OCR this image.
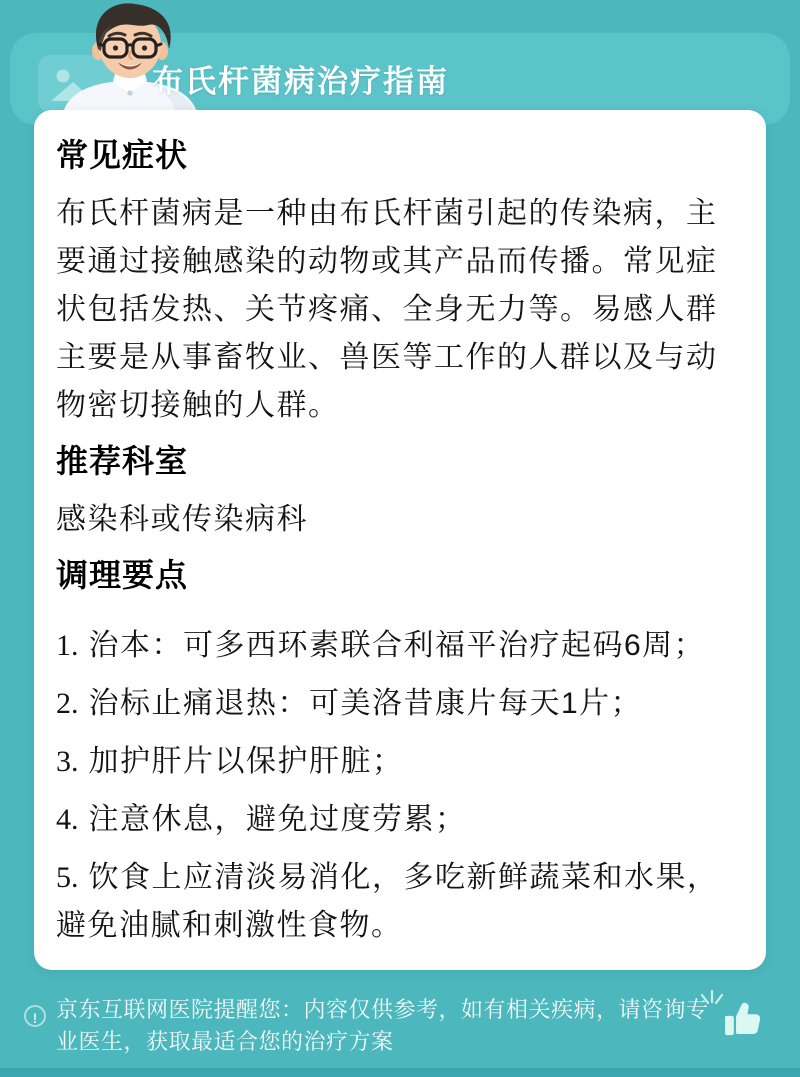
布氏杆菌病治疗指南
常见症状

布氏杆菌病是一种由布氏杆菌引起的传染病，主要通过接触感染的动物或其产品而传播。常见症状包括发热、关节疼痛、全身无力等。易感人群主要是从事畜牧业、兽医等工作的人群以及与动物密切接触的人群。

推荐科室

感染科或传染病科

调理要点

1. 治本：可多西环素联合利福平治疗起码6周；

2. 治标止痛退热：可美洛昔康片每天1片；

3. 加护肝片以保护肝脏；

4. 注意休息，避免过度劳累；

5. 饮食上应清淡易消化，多吃新鲜蔬菜和水果，避免油腻和刺激性食物。

! 京东互联网医院提醒您：内容仅供参考，如有相关疾病，请咨询专业医生，获取最适合您的治疗方案
